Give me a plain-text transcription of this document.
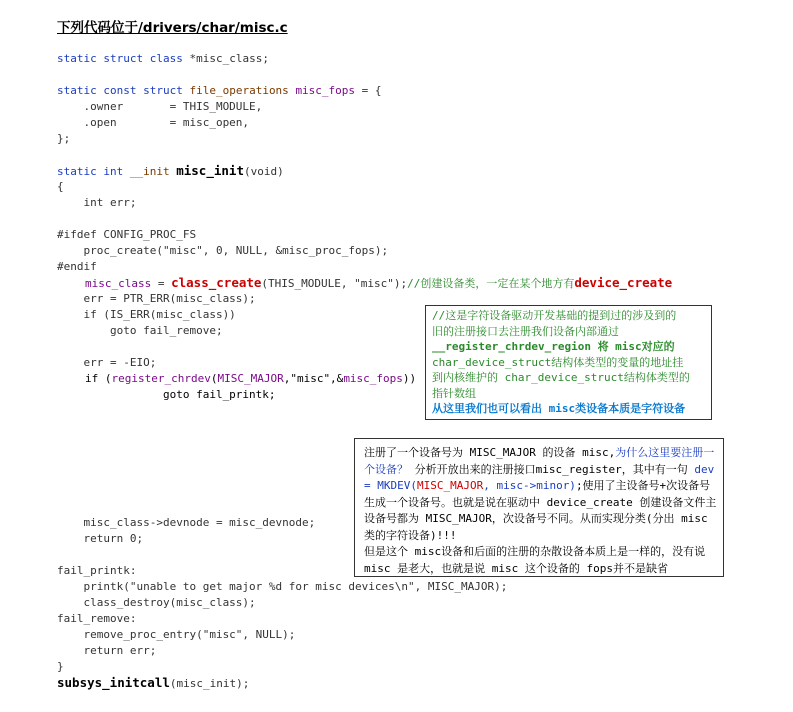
下列代码位于/drivers/char/misc.c
static struct class *misc_class;
static const struct file_operations misc_fops = {
.owner       = THIS_MODULE,
.open        = misc_open,
};
static int __init misc_init(void)
{
int err;
#ifdef CONFIG_PROC_FS
proc_create("misc", 0, NULL, &misc_proc_fops);
#endif
misc_class = class_create(THIS_MODULE, "misc");//创建设备类，一定在某个地方有device_create
err = PTR_ERR(misc_class);
if (IS_ERR(misc_class))
goto fail_remove;
err = -EIO;
if (register_chrdev(MISC_MAJOR,"misc",&misc_fops))
goto fail_printk;
misc_class->devnode = misc_devnode;
return 0;
fail_printk:
printk("unable to get major %d for misc devices\n", MISC_MAJOR);
class_destroy(misc_class);
fail_remove:
remove_proc_entry("misc", NULL);
return err;
}
subsys_initcall(misc_init);
//这是字符设备驱动开发基础的提到过的涉及到的
旧的注册接口去注册我们设备内部通过
__register_chrdev_region 将 misc对应的
char_device_struct结构体类型的变量的地址挂
到内核维护的 char_device_struct结构体类型的
指针数组
从这里我们也可以看出 misc类设备本质是字符设备
注册了一个设备号为 MISC_MAJOR 的设备 misc,为什么这里要注册一个设备？ 分析开放出来的注册接口misc_register，其中有一句 dev = MKDEV(MISC_MAJOR, misc->minor);使用了主设备号+次设备号生成一个设备号。也就是说在驱动中 device_create 创建设备文件主设备号都为 MISC_MAJOR，次设备号不同。从而实现分类(分出 misc类的字符设备)!!!
但是这个 misc设备和后面的注册的杂散设备本质上是一样的，没有说 misc 是老大，也就是说 misc 这个设备的 fops并不是缺省
